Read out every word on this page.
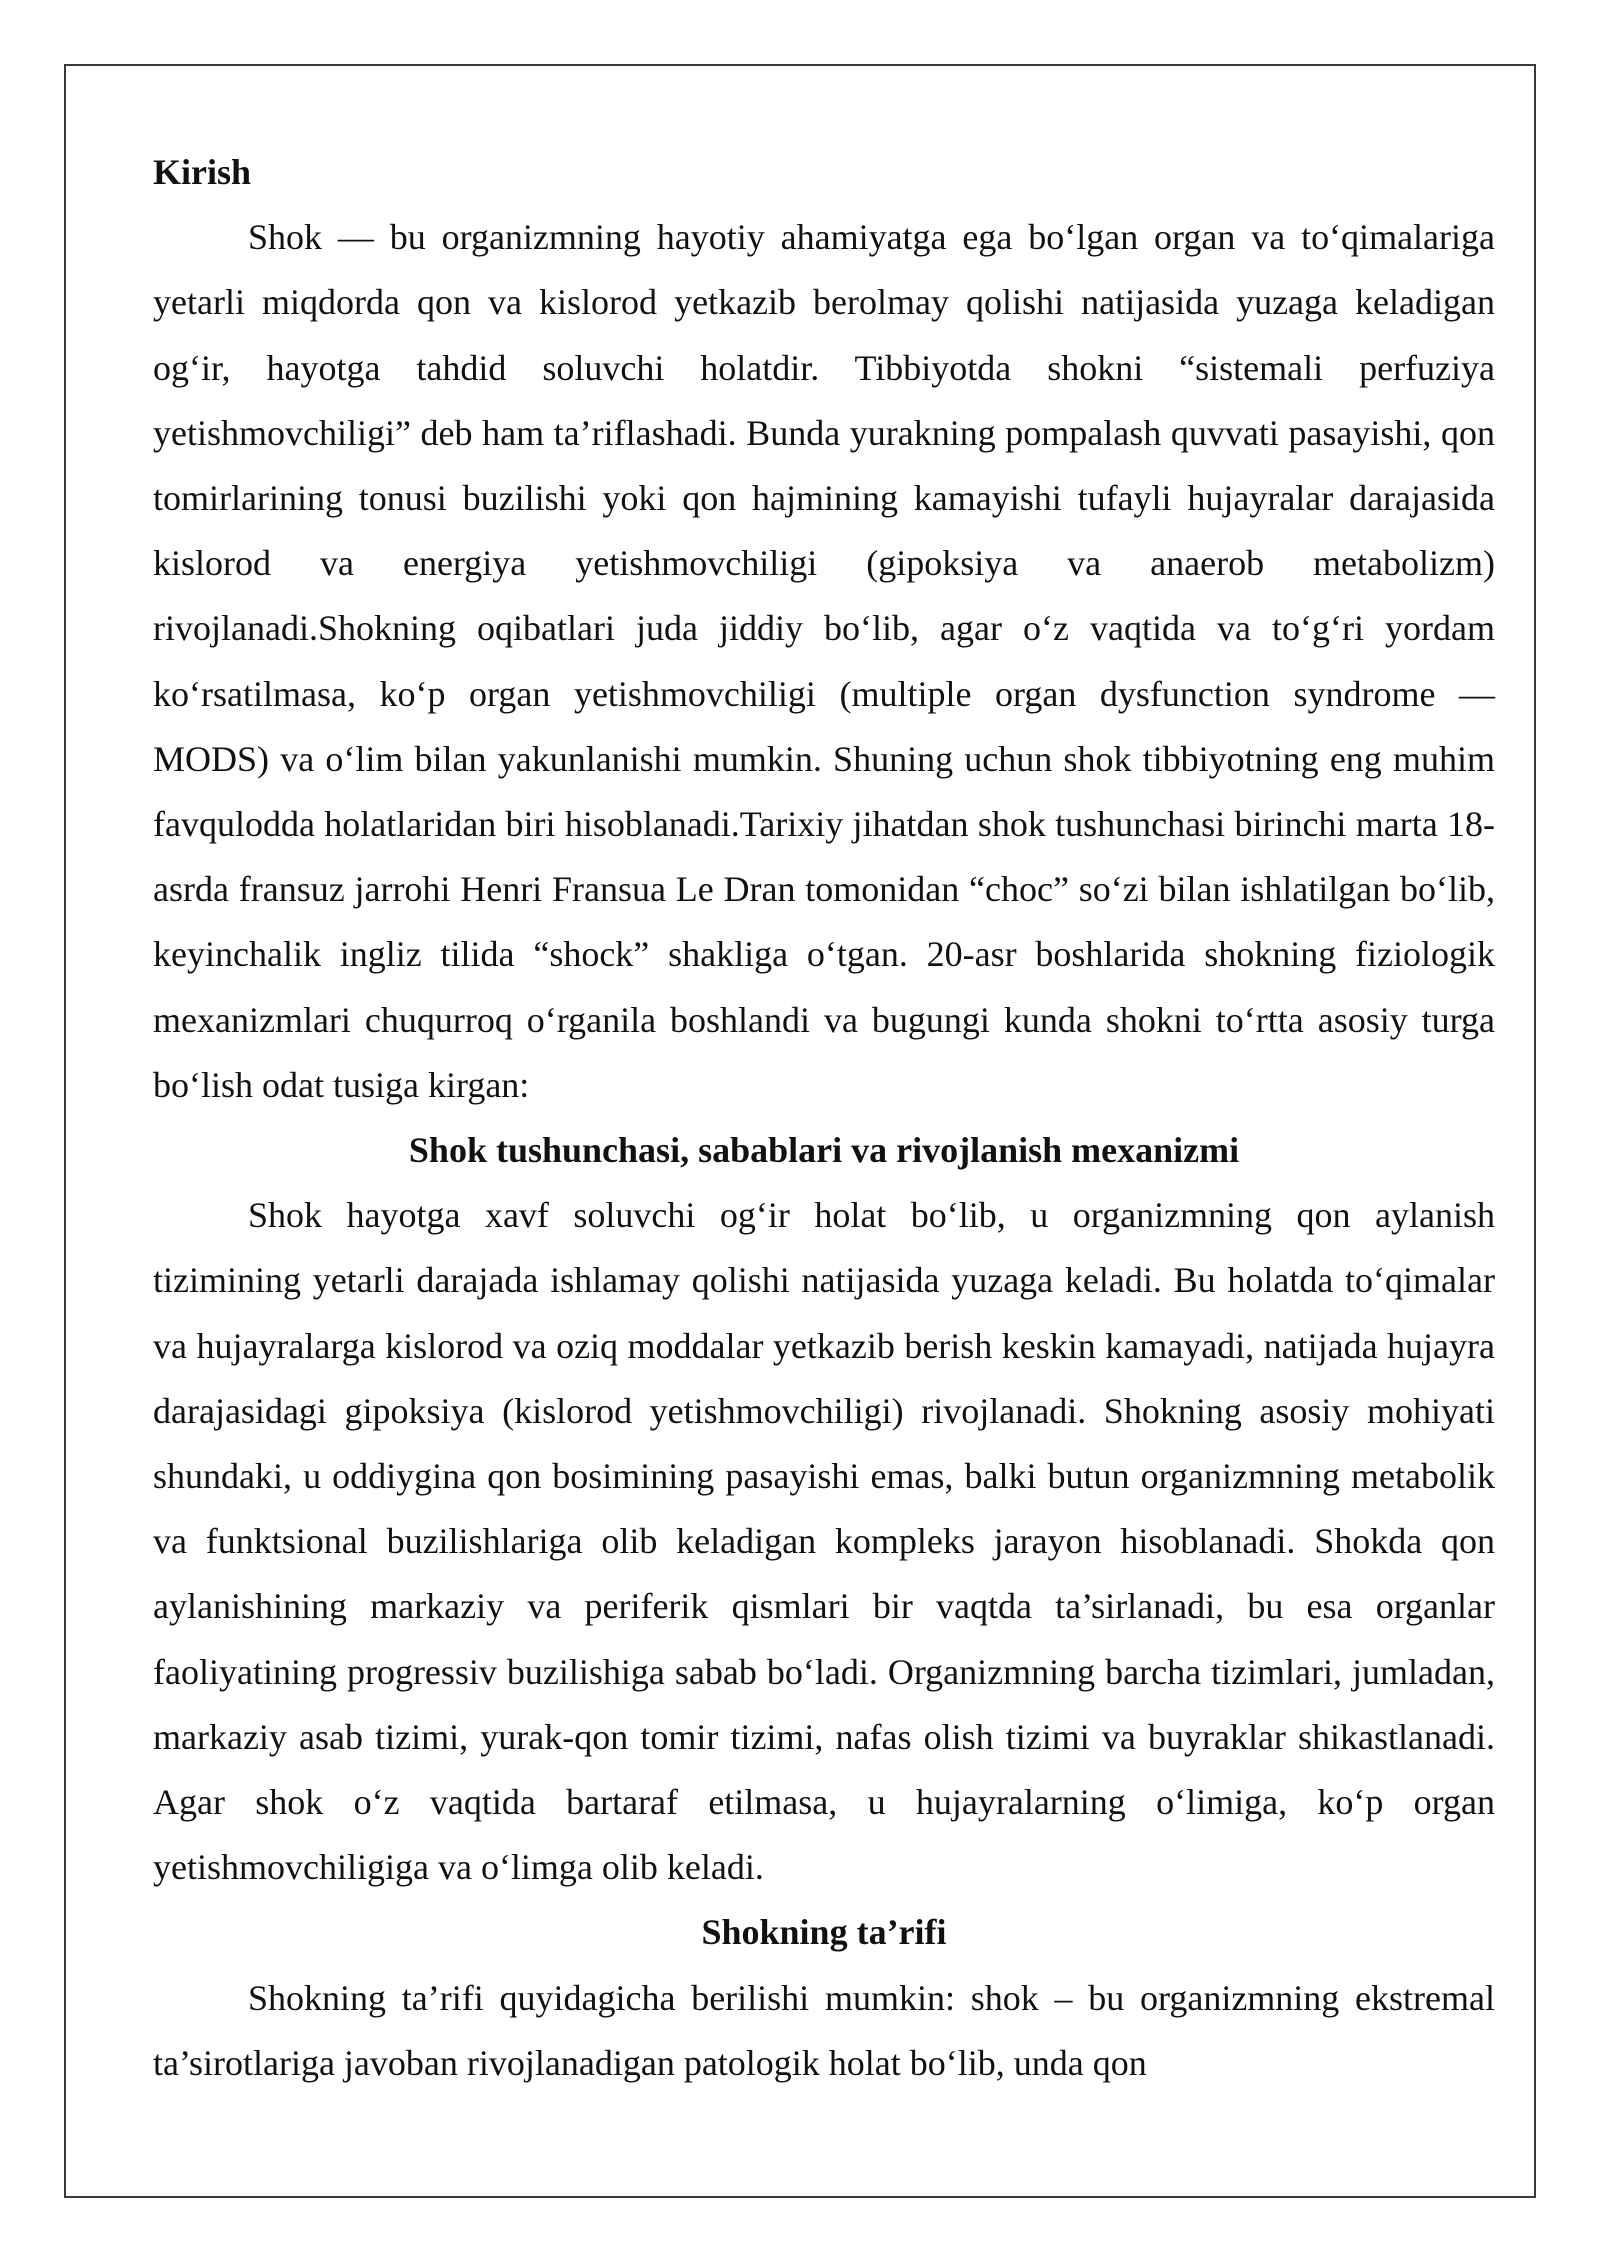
Kirish

Shok — bu organizmning hayotiy ahamiyatga ega bo‘lgan organ va to‘qimalariga yetarli miqdorda qon va kislorod yetkazib berolmay qolishi natijasida yuzaga keladigan og‘ir, hayotga tahdid soluvchi holatdir. Tibbiyotda shokni “sistemali perfuziya yetishmovchiligi” deb ham ta’riflashadi. Bunda yurakning pompalash quvvati pasayishi, qon tomirlarining tonusi buzilishi yoki qon hajmining kamayishi tufayli hujayralar darajasida kislorod va energiya yetishmovchiligi (gipoksiya va anaerob metabolizm) rivojlanadi.Shokning oqibatlari juda jiddiy bo‘lib, agar o‘z vaqtida va to‘g‘ri yordam ko‘rsatilmasa, ko‘p organ yetishmovchiligi (multiple organ dysfunction syndrome — MODS) va o‘lim bilan yakunlanishi mumkin. Shuning uchun shok tibbiyotning eng muhim favqulodda holatlaridan biri hisoblanadi.Tarixiy jihatdan shok tushunchasi birinchi marta 18-asrda fransuz jarrohi Henri Fransua Le Dran tomonidan “choc” so‘zi bilan ishlatilgan bo‘lib, keyinchalik ingliz tilida “shock” shakliga o‘tgan. 20-asr boshlarida shokning fiziologik mexanizmlari chuqurroq o‘rganila boshlandi va bugungi kunda shokni to‘rtta asosiy turga bo‘lish odat tusiga kirgan:

Shok tushunchasi, sabablari va rivojlanish mexanizmi

Shok hayotga xavf soluvchi og‘ir holat bo‘lib, u organizmning qon aylanish tizimining yetarli darajada ishlamay qolishi natijasida yuzaga keladi. Bu holatda to‘qimalar va hujayralarga kislorod va oziq moddalar yetkazib berish keskin kamayadi, natijada hujayra darajasidagi gipoksiya (kislorod yetishmovchiligi) rivojlanadi. Shokning asosiy mohiyati shundaki, u oddiygina qon bosimining pasayishi emas, balki butun organizmning metabolik va funktsional buzilishlariga olib keladigan kompleks jarayon hisoblanadi. Shokda qon aylanishining markaziy va periferik qismlari bir vaqtda ta’sirlanadi, bu esa organlar faoliyatining progressiv buzilishiga sabab bo‘ladi. Organizmning barcha tizimlari, jumladan, markaziy asab tizimi, yurak-qon tomir tizimi, nafas olish tizimi va buyraklar shikastlanadi. Agar shok o‘z vaqtida bartaraf etilmasa, u hujayralarning o‘limiga, ko‘p organ yetishmovchiligiga va o‘limga olib keladi.

Shokning ta’rifi

Shokning ta’rifi quyidagicha berilishi mumkin: shok – bu organizmning ekstremal ta’sirotlariga javoban rivojlanadigan patologik holat bo‘lib, unda qon
